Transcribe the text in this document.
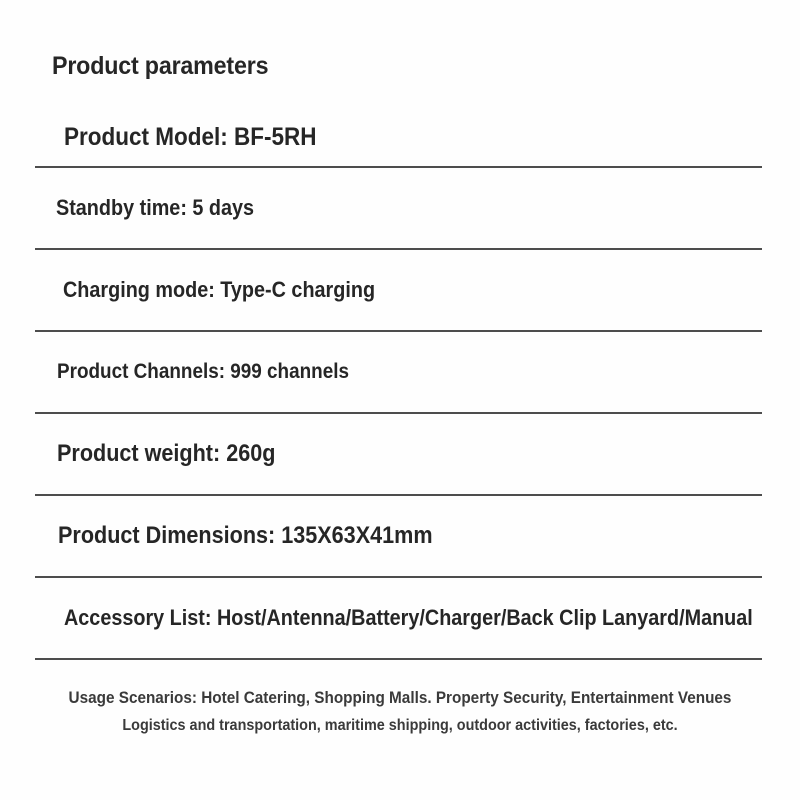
Product parameters
Product Model: BF-5RH
Standby time: 5 days
Charging mode: Type-C charging
Product Channels: 999 channels
Product weight: 260g
Product Dimensions: 135X63X41mm
Accessory List: Host/Antenna/Battery/Charger/Back Clip Lanyard/Manual
Usage Scenarios: Hotel Catering, Shopping Malls. Property Security, Entertainment Venues
Logistics and transportation, maritime shipping, outdoor activities, factories, etc.
